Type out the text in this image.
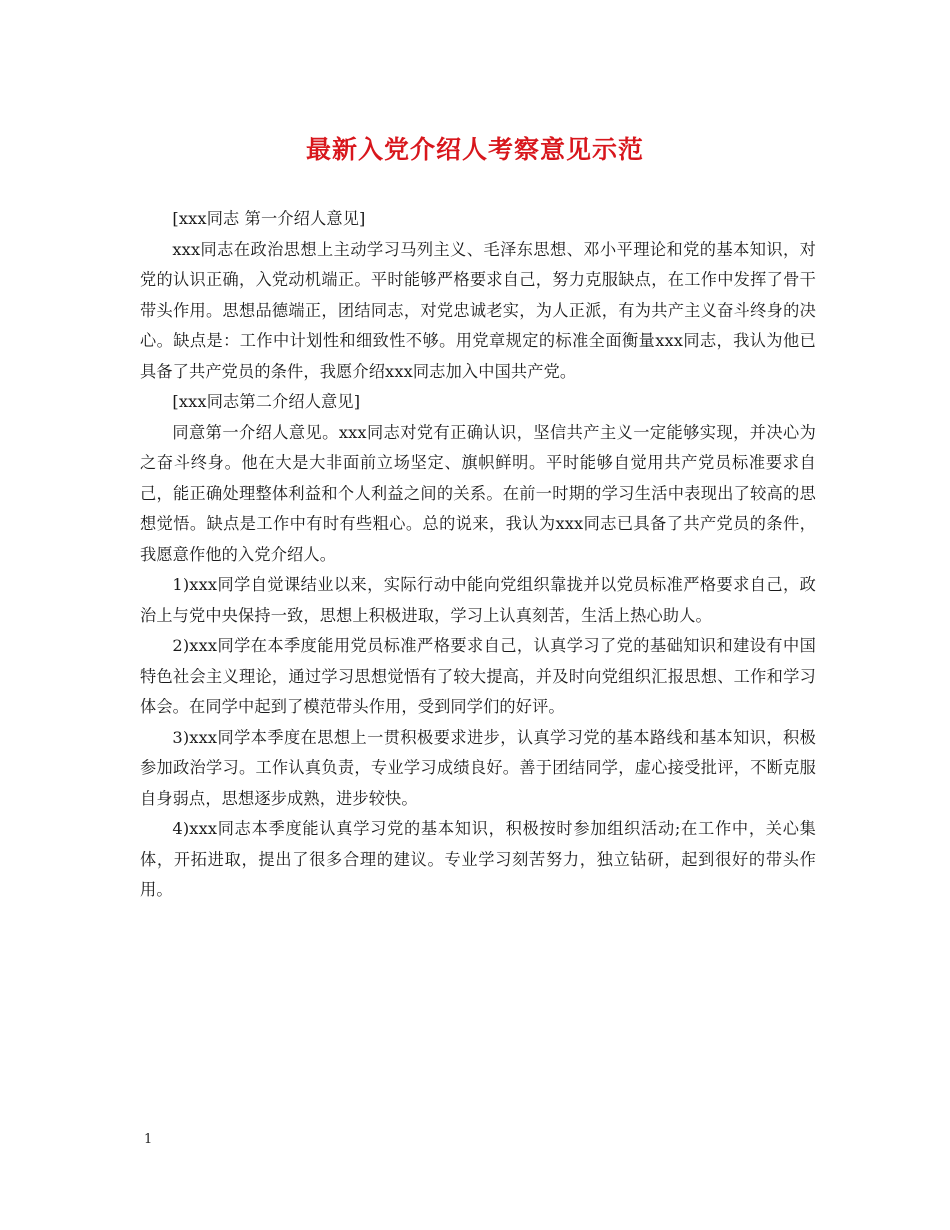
最新入党介绍人考察意见示范

[xxx同志 第一介绍人意见]

xxx同志在政治思想上主动学习马列主义、毛泽东思想、邓小平理论和党的基本知识，对党的认识正确，入党动机端正。平时能够严格要求自己，努力克服缺点，在工作中发挥了骨干带头作用。思想品德端正，团结同志，对党忠诚老实，为人正派，有为共产主义奋斗终身的决心。缺点是：工作中计划性和细致性不够。用党章规定的标准全面衡量xxx同志，我认为他已具备了共产党员的条件，我愿介绍xxx同志加入中国共产党。

[xxx同志第二介绍人意见]

同意第一介绍人意见。xxx同志对党有正确认识，坚信共产主义一定能够实现，并决心为之奋斗终身。他在大是大非面前立场坚定、旗帜鲜明。平时能够自觉用共产党员标准要求自己，能正确处理整体利益和个人利益之间的关系。在前一时期的学习生活中表现出了较高的思想觉悟。缺点是工作中有时有些粗心。总的说来，我认为xxx同志已具备了共产党员的条件，我愿意作他的入党介绍人。

1)xxx同学自觉课结业以来，实际行动中能向党组织靠拢并以党员标准严格要求自己，政治上与党中央保持一致，思想上积极进取，学习上认真刻苦，生活上热心助人。

2)xxx同学在本季度能用党员标准严格要求自己，认真学习了党的基础知识和建设有中国特色社会主义理论，通过学习思想觉悟有了较大提高，并及时向党组织汇报思想、工作和学习体会。在同学中起到了模范带头作用，受到同学们的好评。

3)xxx同学本季度在思想上一贯积极要求进步，认真学习党的基本路线和基本知识，积极参加政治学习。工作认真负责，专业学习成绩良好。善于团结同学，虚心接受批评，不断克服自身弱点，思想逐步成熟，进步较快。

4)xxx同志本季度能认真学习党的基本知识，积极按时参加组织活动;在工作中，关心集体，开拓进取，提出了很多合理的建议。专业学习刻苦努力，独立钻研，起到很好的带头作用。

1
